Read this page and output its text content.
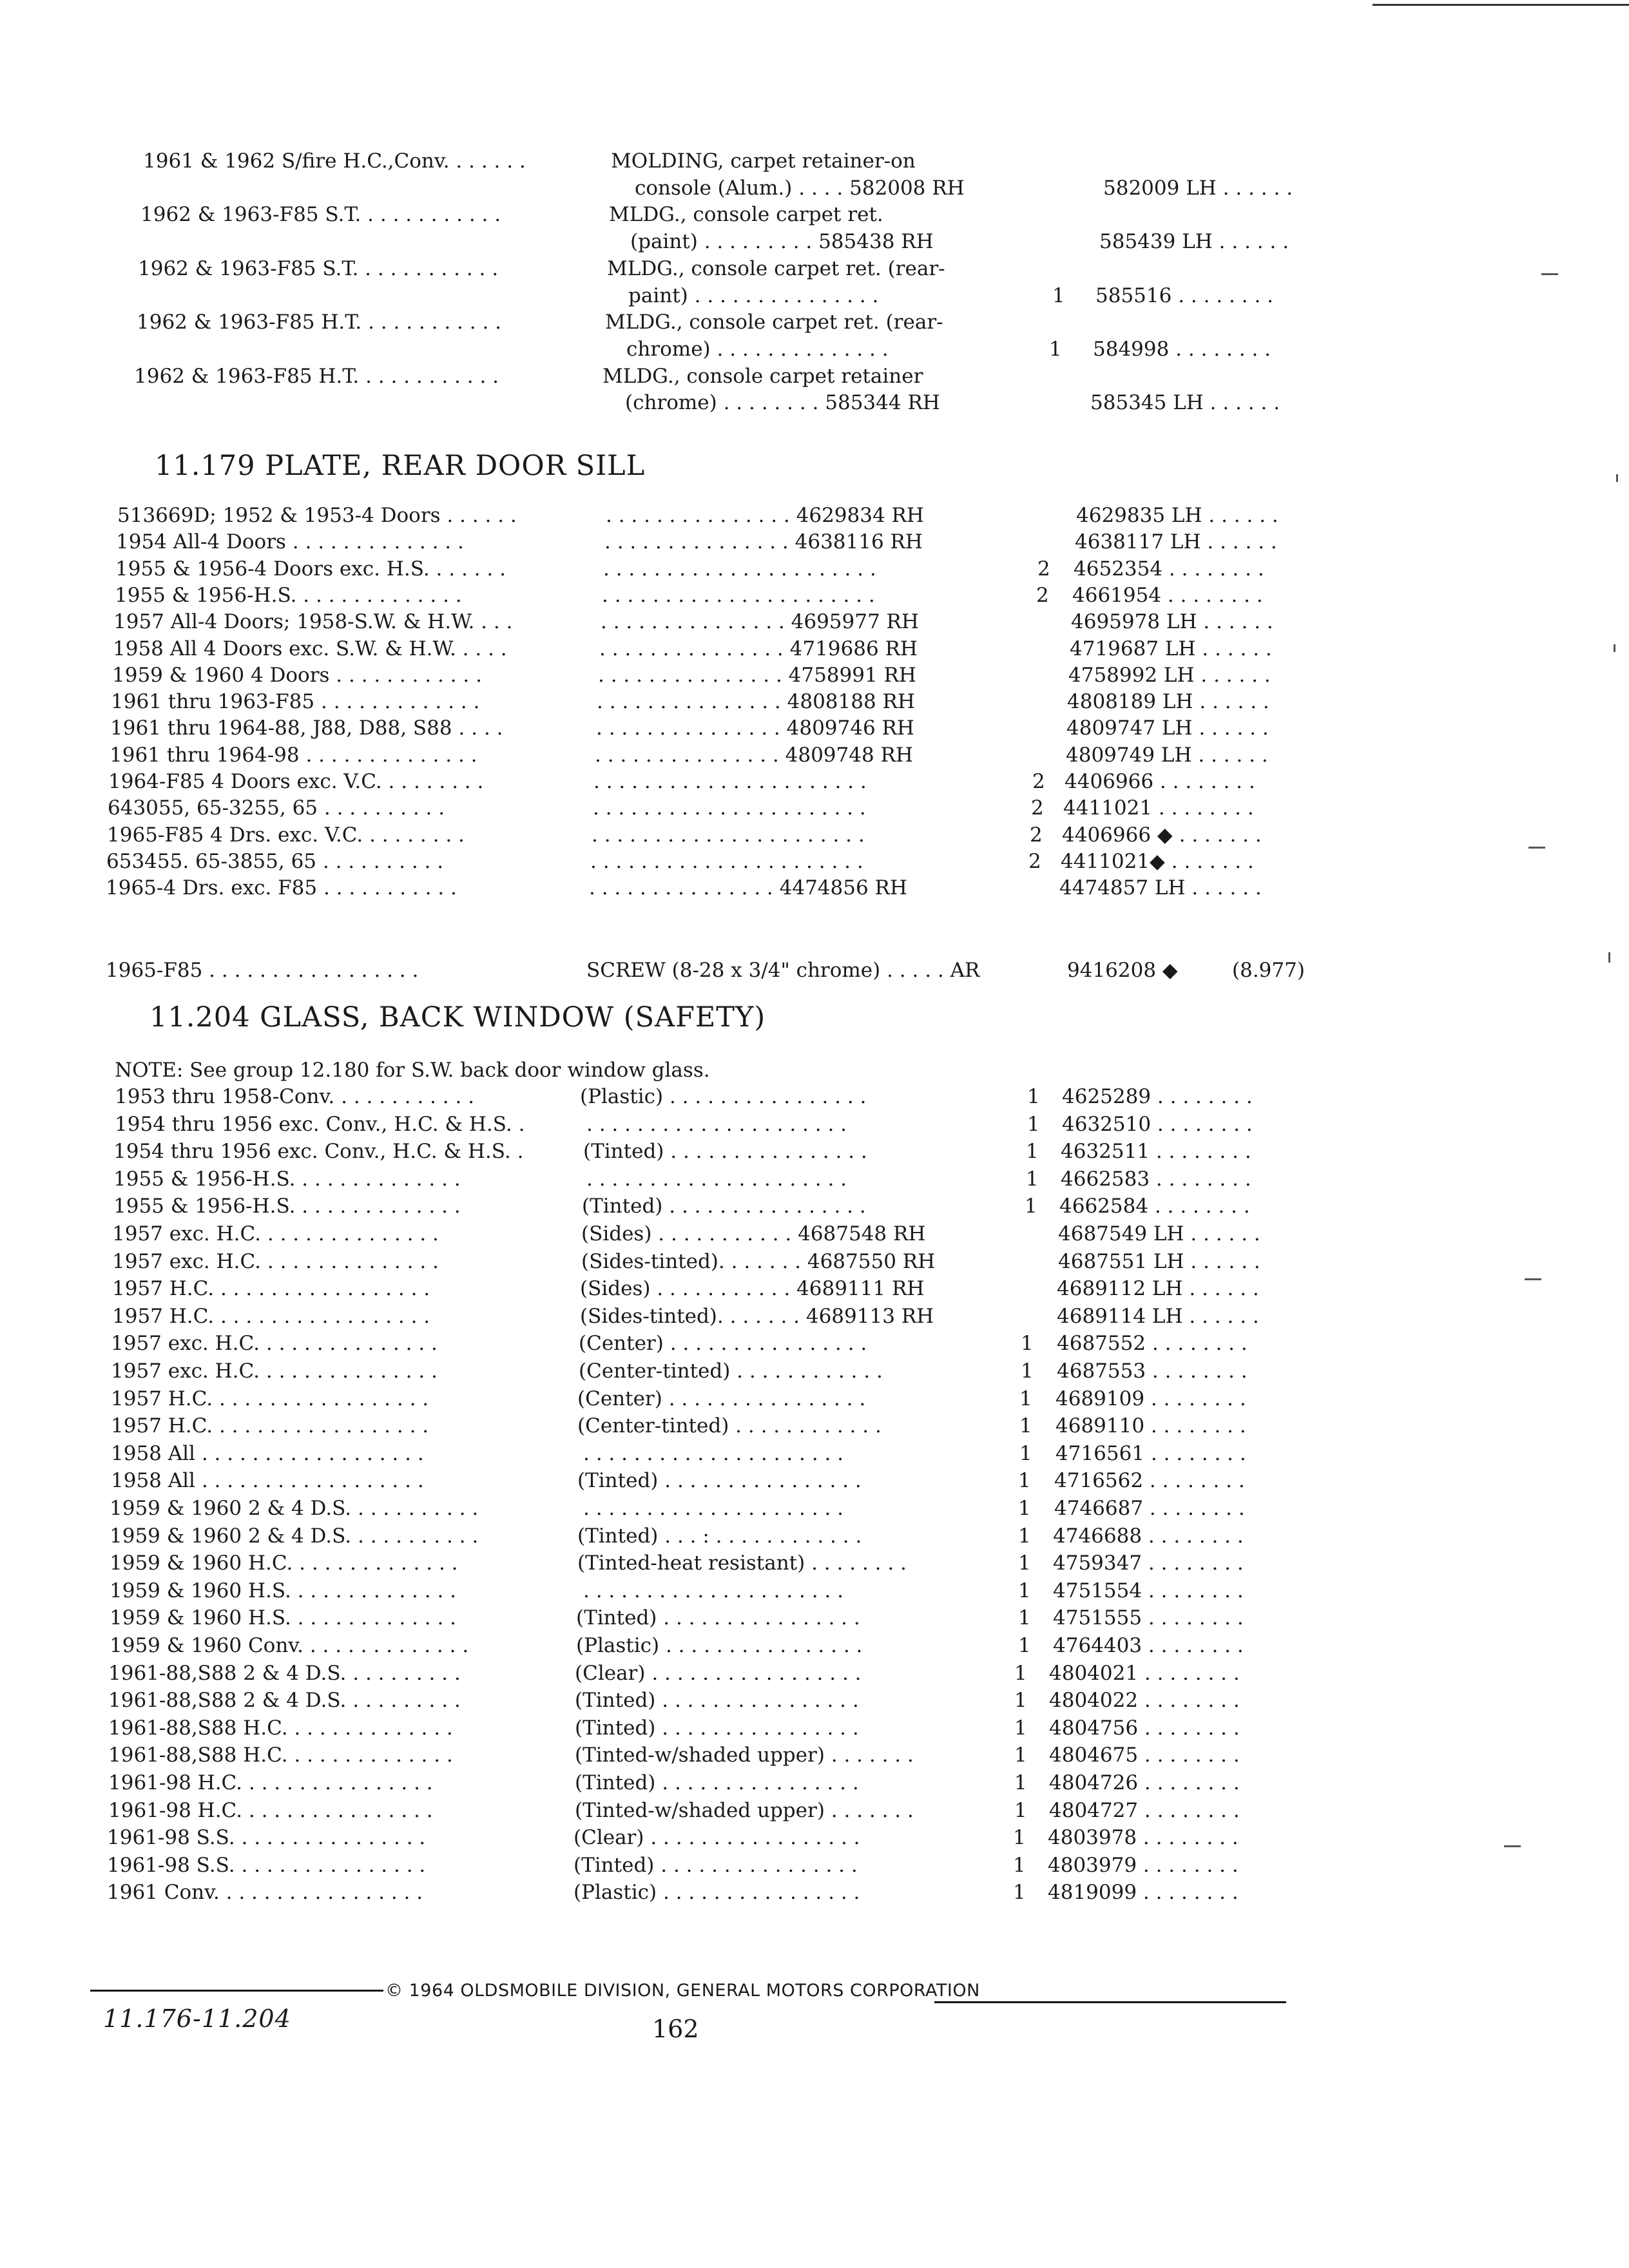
1961 & 1962 S/fire H.C.,Conv. . . . . . .	MOLDING, carpet retainer-on
console (Alum.) . . . . 582008 RH	582009 LH . . . . . .
1962 & 1963-F85 S.T. . . . . . . . . . . .	MLDG., console carpet ret.
(paint) . . . . . . . . . 585438 RH	585439 LH . . . . . .
1962 & 1963-F85 S.T. . . . . . . . . . . .	MLDG., console carpet ret. (rear-
paint) . . . . . . . . . . . . . . .	1 585516 . . . . . . . .
1962 & 1963-F85 H.T. . . . . . . . . . . .	MLDG., console carpet ret. (rear-
chrome) . . . . . . . . . . . . . .	1 584998 . . . . . . . .
1962 & 1963-F85 H.T. . . . . . . . . . . .	MLDG., console carpet retainer
(chrome) . . . . . . . . 585344 RH	585345 LH . . . . . .
11.179 PLATE, REAR DOOR SILL
513669D; 1952 & 1953-4 Doors . . . . . .	. . . . . . . . . . . . . . . 4629834 RH	4629835 LH . . . . . .
1954 All-4 Doors . . . . . . . . . . . . . .	. . . . . . . . . . . . . . . 4638116 RH	4638117 LH . . . . . .
1955 & 1956-4 Doors exc. H.S. . . . . . .	. . . . . . . . . . . . . . . . . . . . . .	2 4652354 . . . . . . . .
1955 & 1956-H.S. . . . . . . . . . . . . .	. . . . . . . . . . . . . . . . . . . . . .	2 4661954 . . . . . . . .
1957 All-4 Doors; 1958-S.W. & H.W. . . .	. . . . . . . . . . . . . . . 4695977 RH	4695978 LH . . . . . .
1958 All 4 Doors exc. S.W. & H.W. . . . .	. . . . . . . . . . . . . . . 4719686 RH	4719687 LH . . . . . .
1959 & 1960 4 Doors . . . . . . . . . . . .	. . . . . . . . . . . . . . . 4758991 RH	4758992 LH . . . . . .
1961 thru 1963-F85 . . . . . . . . . . . . .	. . . . . . . . . . . . . . . 4808188 RH	4808189 LH . . . . . .
1961 thru 1964-88, J88, D88, S88 . . . .	. . . . . . . . . . . . . . . 4809746 RH	4809747 LH . . . . . .
1961 thru 1964-98 . . . . . . . . . . . . . .	. . . . . . . . . . . . . . . 4809748 RH	4809749 LH . . . . . .
1964-F85 4 Doors exc. V.C. . . . . . . . .	. . . . . . . . . . . . . . . . . . . . . .	2 4406966 . . . . . . . .
643055, 65-3255, 65 . . . . . . . . . .	. . . . . . . . . . . . . . . . . . . . . .	2 4411021 . . . . . . . .
1965-F85 4 Drs. exc. V.C. . . . . . . . .	. . . . . . . . . . . . . . . . . . . . . .	2 4406966 ◆ . . . . . . .
653455. 65-3855, 65 . . . . . . . . . .	. . . . . . . . . . . . . . . . . . . . . .	2 4411021◆ . . . . . . .
1965-4 Drs. exc. F85 . . . . . . . . . . .	. . . . . . . . . . . . . . . 4474856 RH	4474857 LH . . . . . .
1965-F85 . . . . . . . . . . . . . . . . .	SCREW (8-28 x 3/4" chrome) . . . . . AR	9416208 ◆	(8.977)
11.204 GLASS, BACK WINDOW (SAFETY)
NOTE: See group 12.180 for S.W. back door window glass.
1953 thru 1958-Conv. . . . . . . . . . . .	(Plastic) . . . . . . . . . . . . . . . .	1 4625289 . . . . . . . .
1954 thru 1956 exc. Conv., H.C. & H.S. .	. . . . . . . . . . . . . . . . . . . . .	1 4632510 . . . . . . . .
1954 thru 1956 exc. Conv., H.C. & H.S. .	(Tinted) . . . . . . . . . . . . . . . .	1 4632511 . . . . . . . .
1955 & 1956-H.S. . . . . . . . . . . . . .	. . . . . . . . . . . . . . . . . . . . .	1 4662583 . . . . . . . .
1955 & 1956-H.S. . . . . . . . . . . . . .	(Tinted) . . . . . . . . . . . . . . . .	1 4662584 . . . . . . . .
1957 exc. H.C. . . . . . . . . . . . . . .	(Sides) . . . . . . . . . . . 4687548 RH	4687549 LH . . . . . .
1957 exc. H.C. . . . . . . . . . . . . . .	(Sides-tinted). . . . . . . 4687550 RH	4687551 LH . . . . . .
1957 H.C. . . . . . . . . . . . . . . . . .	(Sides) . . . . . . . . . . . 4689111 RH	4689112 LH . . . . . .
1957 H.C. . . . . . . . . . . . . . . . . .	(Sides-tinted). . . . . . . 4689113 RH	4689114 LH . . . . . .
1957 exc. H.C. . . . . . . . . . . . . . .	(Center) . . . . . . . . . . . . . . . .	1 4687552 . . . . . . . .
1957 exc. H.C. . . . . . . . . . . . . . .	(Center-tinted) . . . . . . . . . . . .	1 4687553 . . . . . . . .
1957 H.C. . . . . . . . . . . . . . . . . .	(Center) . . . . . . . . . . . . . . . .	1 4689109 . . . . . . . .
1957 H.C. . . . . . . . . . . . . . . . . .	(Center-tinted) . . . . . . . . . . . .	1 4689110 . . . . . . . .
1958 All . . . . . . . . . . . . . . . . . .	. . . . . . . . . . . . . . . . . . . . .	1 4716561 . . . . . . . .
1958 All . . . . . . . . . . . . . . . . . .	(Tinted) . . . . . . . . . . . . . . . .	1 4716562 . . . . . . . .
1959 & 1960 2 & 4 D.S. . . . . . . . . . .	. . . . . . . . . . . . . . . . . . . . .	1 4746687 . . . . . . . .
1959 & 1960 2 & 4 D.S. . . . . . . . . . .	(Tinted) . . . : . . . . . . . . . . . .	1 4746688 . . . . . . . .
1959 & 1960 H.C. . . . . . . . . . . . . .	(Tinted-heat resistant) . . . . . . . .	1 4759347 . . . . . . . .
1959 & 1960 H.S. . . . . . . . . . . . . .	. . . . . . . . . . . . . . . . . . . . .	1 4751554 . . . . . . . .
1959 & 1960 H.S. . . . . . . . . . . . . .	(Tinted) . . . . . . . . . . . . . . . .	1 4751555 . . . . . . . .
1959 & 1960 Conv. . . . . . . . . . . . . .	(Plastic) . . . . . . . . . . . . . . . .	1 4764403 . . . . . . . .
1961-88,S88 2 & 4 D.S. . . . . . . . . .	(Clear) . . . . . . . . . . . . . . . . .	1 4804021 . . . . . . . .
1961-88,S88 2 & 4 D.S. . . . . . . . . .	(Tinted) . . . . . . . . . . . . . . . .	1 4804022 . . . . . . . .
1961-88,S88 H.C. . . . . . . . . . . . . .	(Tinted) . . . . . . . . . . . . . . . .	1 4804756 . . . . . . . .
1961-88,S88 H.C. . . . . . . . . . . . . .	(Tinted-w/shaded upper) . . . . . . .	1 4804675 . . . . . . . .
1961-98 H.C. . . . . . . . . . . . . . . .	(Tinted) . . . . . . . . . . . . . . . .	1 4804726 . . . . . . . .
1961-98 H.C. . . . . . . . . . . . . . . .	(Tinted-w/shaded upper) . . . . . . .	1 4804727 . . . . . . . .
1961-98 S.S. . . . . . . . . . . . . . . .	(Clear) . . . . . . . . . . . . . . . . .	1 4803978 . . . . . . . .
1961-98 S.S. . . . . . . . . . . . . . . .	(Tinted) . . . . . . . . . . . . . . . .	1 4803979 . . . . . . . .
1961 Conv. . . . . . . . . . . . . . . . .	(Plastic) . . . . . . . . . . . . . . . .	1 4819099 . . . . . . . .
© 1964 OLDSMOBILE DIVISION, GENERAL MOTORS CORPORATION
11.176-11.204	162
